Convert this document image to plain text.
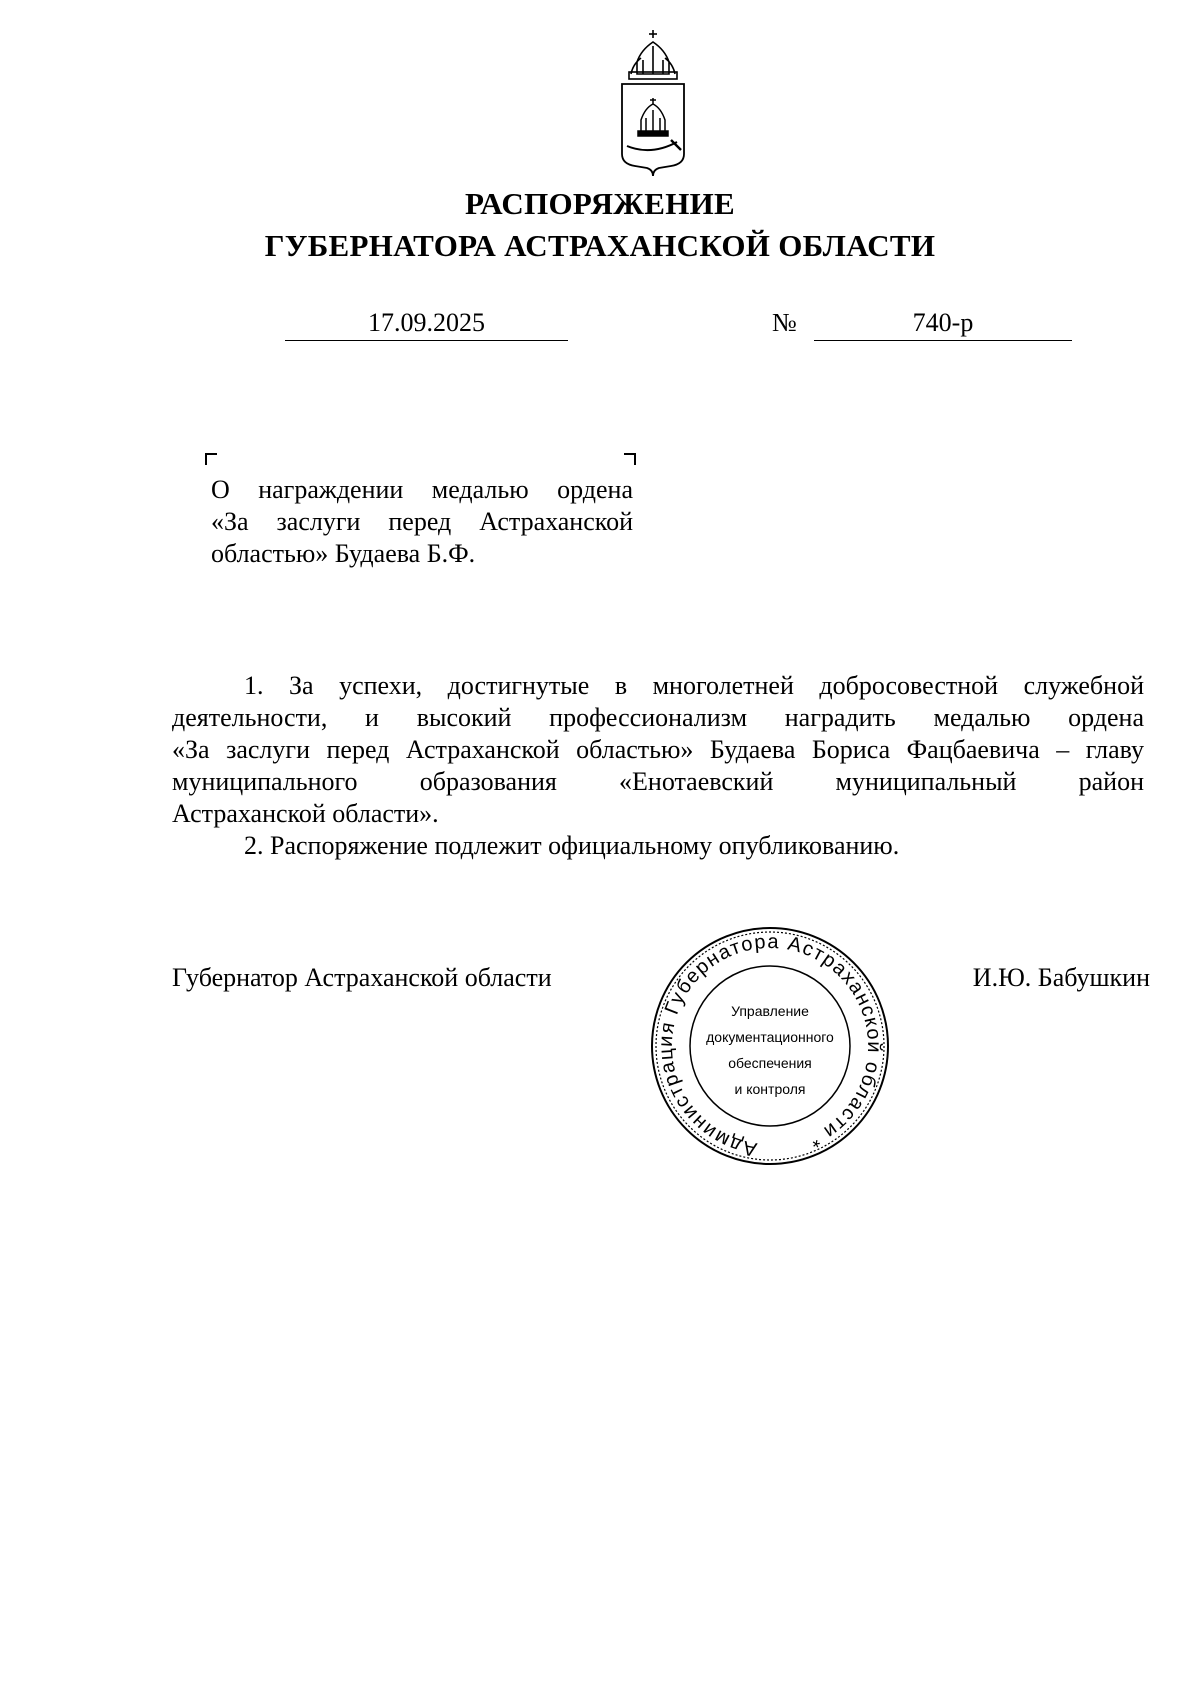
РАСПОРЯЖЕНИЕ
ГУБЕРНАТОРА АСТРАХАНСКОЙ ОБЛАСТИ
17.09.2025	№	740-р
О награждении медалью ордена
«За заслуги перед Астраханской
областью» Будаева Б.Ф.
1. За успехи, достигнутые в многолетней добросовестной служебной
деятельности, и высокий профессионализм наградить медалью ордена
«За заслуги перед Астраханской областью» Будаева Бориса Фацбаевича – главу
муниципального образования «Енотаевский муниципальный район
Астраханской области».
2. Распоряжение подлежит официальному опубликованию.
Губернатор Астраханской области	И.Ю. Бабушкин
Администрация Губернатора Астраханской области *
Управление
документационного
обеспечения
и контроля
